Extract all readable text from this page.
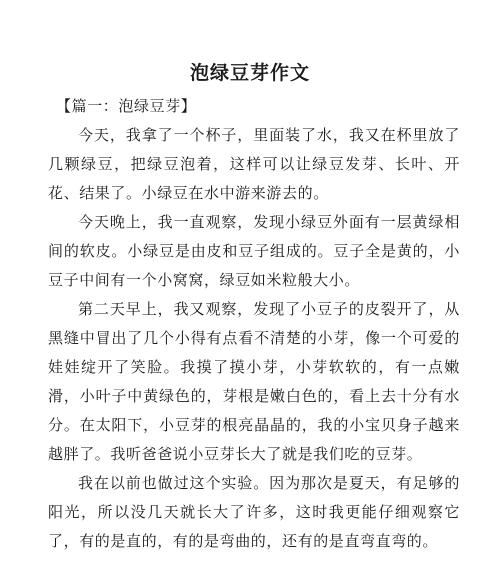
泡绿豆芽作文

【篇一：泡绿豆芽】

今天，我拿了一个杯子，里面装了水，我又在杯里放了几颗绿豆，把绿豆泡着，这样可以让绿豆发芽、长叶、开花、结果了。小绿豆在水中游来游去的。

今天晚上，我一直观察，发现小绿豆外面有一层黄绿相间的软皮。小绿豆是由皮和豆子组成的。豆子全是黄的，小豆子中间有一个小窝窝，绿豆如米粒般大小。

第二天早上，我又观察，发现了小豆子的皮裂开了，从黑缝中冒出了几个小得有点看不清楚的小芽，像一个可爱的娃娃绽开了笑脸。我摸了摸小芽，小芽软软的，有一点嫩滑，小叶子中黄绿色的，芽根是嫩白色的，看上去十分有水分。在太阳下，小豆芽的根亮晶晶的，我的小宝贝身子越来越胖了。我听爸爸说小豆芽长大了就是我们吃的豆芽。

我在以前也做过这个实验。因为那次是夏天，有足够的阳光，所以没几天就长大了许多，这时我更能仔细观察它了，有的是直的，有的是弯曲的，还有的是直弯直弯的。
